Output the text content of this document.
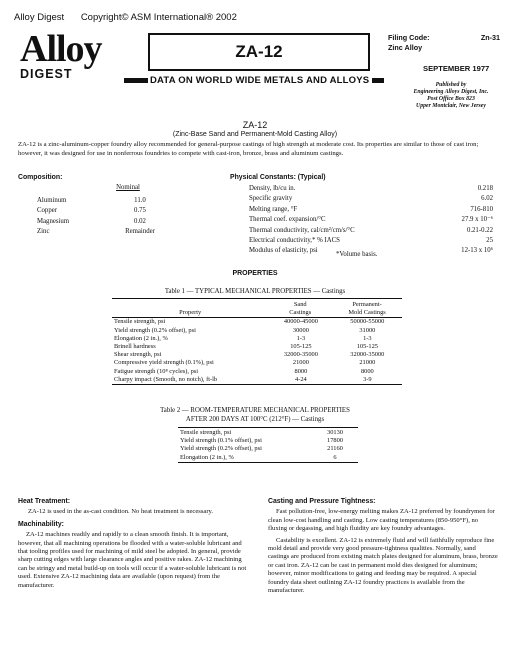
Alloy Digest Copyright© ASM International® 2002
Alloy
DIGEST
ZA-12
DATA ON WORLD WIDE METALS AND ALLOYS
Filing Code:	Zn-31
Zinc Alloy
SEPTEMBER 1977
Published by
Engineering Alloys Digest, Inc.
Post Office Box 823
Upper Montclair, New Jersey
ZA-12
(Zinc-Base Sand and Permanent-Mold Casting Alloy)
ZA-12 is a zinc-aluminum-copper foundry alloy recommended for general-purpose castings of high strength at moderate cost. Its properties are similar to those of cast iron; however, it was designed for use in nonferrous foundries to compete with cast-iron, bronze, brass and aluminum castings.
Composition:
Nominal
Aluminum	11.0
Copper	0.75
Magnesium	0.02
Zinc	Remainder
Physical Constants: (Typical)
Density, lb/cu in.	0.218
Specific gravity	6.02
Melting range, °F	716-810
Thermal coef. expansion/°C	27.9 x 10⁻⁶
Thermal conductivity, cal/cm²/cm/s/°C	0.21-0.22
Electrical conductivity,* % IACS	25
Modulus of elasticity, psi	12-13 x 10⁶
*Volume basis.
PROPERTIES
Table 1 — TYPICAL MECHANICAL PROPERTIES — Castings
Property	
Sand
Castings

Permanent-
Mold Castings
Tensile strength, psi	40000-45000	50000-55000
Yield strength (0.2% offset), psi	30000	31000
Elongation (2 in.), %	1-3	1-3
Brinell hardness	105-125	105-125
Shear strength, psi	32000-35000	32000-35000
Compressive yield strength (0.1%), psi	21000	21000
Fatigue strength (10⁸ cycles), psi	8000	8000
Charpy impact (Smooth, no notch), ft-lb	4-24	3-9
Table 2 — ROOM-TEMPERATURE MECHANICAL PROPERTIES
AFTER 200 DAYS AT 100°C (212°F) — Castings
Tensile strength, psi	30130
Yield strength (0.1% offset), psi	17800
Yield strength (0.2% offset), psi	21160
Elongation (2 in.), %	6
Heat Treatment:

ZA-12 is used in the as-cast condition. No heat treatment is necessary.

Machinability:

ZA-12 machines readily and rapidly to a clean smooth finish. It is important, however, that all machining operations be flooded with a water-soluble lubricant and that tooling profiles used for machining of mild steel be adopted. In general, provide sharp cutting edges with large clearance angles and positive rakes. ZA-12 machining can be stringy and metal build-up on tools will occur if a water-soluble lubricant is not used. Extensive ZA-12 machining data are available (upon request) from the manufacturer.

Casting and Pressure Tightness:

Fast pollution-free, low-energy melting makes ZA-12 preferred by foundrymen for clean low-cost handling and casting. Low casting temperatures (850-950°F), no fluxing or degassing, and high fluidity are key foundry advantages.

Castability is excellent. ZA-12 is extremely fluid and will faithfully reproduce fine mold detail and provide very good pressure-tightness qualities. Normally, sand castings are produced from existing match plates designed for aluminum, brass, bronze or cast iron. ZA-12 can be cast in permanent mold dies designed for aluminum; however, minor modifications to gating and feeding may be required. A special foundry data sheet outlining ZA-12 foundry practices is available from the manufacturer.
